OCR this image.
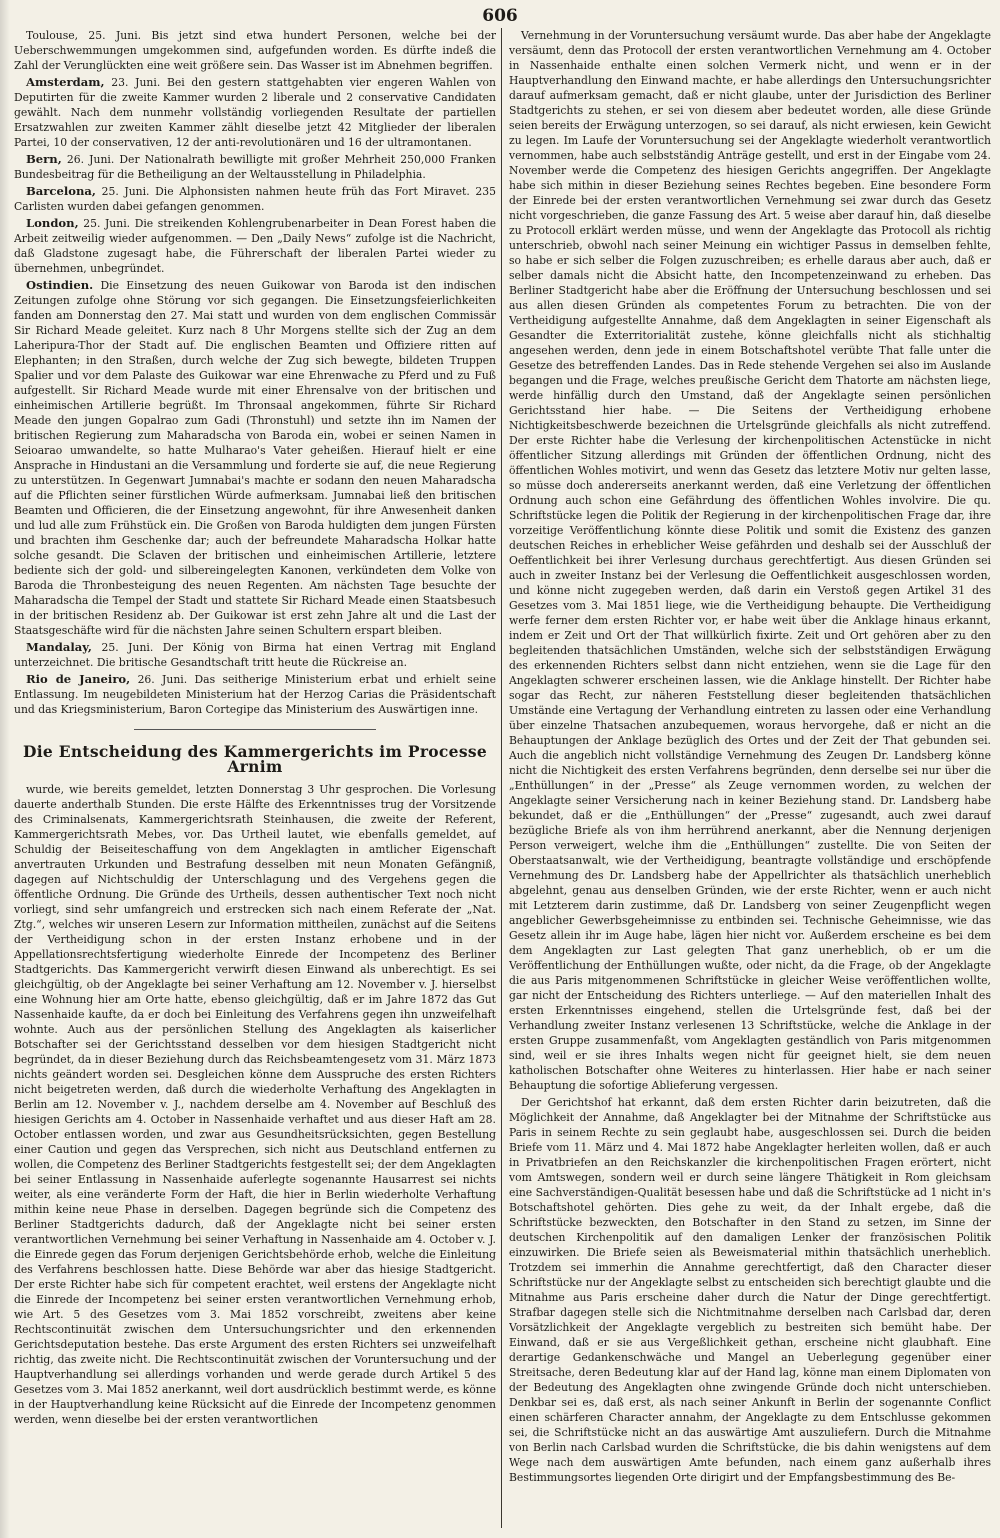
606

Toulouse, 25. Juni. Bis jetzt sind etwa hundert Personen, welche bei der Ueberschwemmungen umgekommen sind, aufgefunden worden. Es dürfte indeß die Zahl der Verunglückten eine weit größere sein. Das Wasser ist im Abnehmen begriffen.

Amsterdam, 23. Juni. Bei den gestern stattgehabten vier engeren Wahlen von Deputirten für die zweite Kammer wurden 2 liberale und 2 conservative Candidaten gewählt. Nach dem nunmehr vollständig vorliegenden Resultate der partiellen Ersatzwahlen zur zweiten Kammer zählt dieselbe jetzt 42 Mitglieder der liberalen Partei, 10 der conservativen, 12 der anti-revolutionären und 16 der ultramontanen.

Bern, 26. Juni. Der Nationalrath bewilligte mit großer Mehrheit 250,000 Franken Bundesbeitrag für die Betheiligung an der Weltausstellung in Philadelphia.

Barcelona, 25. Juni. Die Alphonsisten nahmen heute früh das Fort Miravet. 235 Carlisten wurden dabei gefangen genommen.

London, 25. Juni. Die streikenden Kohlengrubenarbeiter in Dean Forest haben die Arbeit zeitweilig wieder aufgenommen. — Den „Daily News“ zufolge ist die Nachricht, daß Gladstone zugesagt habe, die Führerschaft der liberalen Partei wieder zu übernehmen, unbegründet.

Ostindien. Die Einsetzung des neuen Guikowar von Baroda ist den indischen Zeitungen zufolge ohne Störung vor sich gegangen. Die Einsetzungsfeierlichkeiten fanden am Donnerstag den 27. Mai statt und wurden von dem englischen Commissär Sir Richard Meade geleitet. Kurz nach 8 Uhr Morgens stellte sich der Zug an dem Laheripura-Thor der Stadt auf. Die englischen Beamten und Offiziere ritten auf Elephanten; in den Straßen, durch welche der Zug sich bewegte, bildeten Truppen Spalier und vor dem Palaste des Guikowar war eine Ehrenwache zu Pferd und zu Fuß aufgestellt. Sir Richard Meade wurde mit einer Ehrensalve von der britischen und einheimischen Artillerie begrüßt. Im Thronsaal angekommen, führte Sir Richard Meade den jungen Gopalrao zum Gadi (Thronstuhl) und setzte ihn im Namen der britischen Regierung zum Maharadscha von Baroda ein, wobei er seinen Namen in Seioarao umwandelte, so hatte Mulharao's Vater geheißen. Hierauf hielt er eine Ansprache in Hindustani an die Versammlung und forderte sie auf, die neue Regierung zu unterstützen. In Gegenwart Jumnabai's machte er sodann den neuen Maharadscha auf die Pflichten seiner fürstlichen Würde aufmerksam. Jumnabai ließ den britischen Beamten und Officieren, die der Einsetzung angewohnt, für ihre Anwesenheit danken und lud alle zum Frühstück ein. Die Großen von Baroda huldigten dem jungen Fürsten und brachten ihm Geschenke dar; auch der befreundete Maharadscha Holkar hatte solche gesandt. Die Sclaven der britischen und einheimischen Artillerie, letztere bediente sich der gold- und silbereingelegten Kanonen, verkündeten dem Volke von Baroda die Thronbesteigung des neuen Regenten. Am nächsten Tage besuchte der Maharadscha die Tempel der Stadt und stattete Sir Richard Meade einen Staatsbesuch in der britischen Residenz ab. Der Guikowar ist erst zehn Jahre alt und die Last der Staatsgeschäfte wird für die nächsten Jahre seinen Schultern erspart bleiben.

Mandalay, 25. Juni. Der König von Birma hat einen Vertrag mit England unterzeichnet. Die britische Gesandtschaft tritt heute die Rückreise an.

Rio de Janeiro, 26. Juni. Das seitherige Ministerium erbat und erhielt seine Entlassung. Im neugebildeten Ministerium hat der Herzog Carias die Präsidentschaft und das Kriegsministerium, Baron Cortegipe das Ministerium des Auswärtigen inne.

Die Entscheidung des Kammergerichts im Processe Arnim

wurde, wie bereits gemeldet, letzten Donnerstag 3 Uhr gesprochen. Die Vorlesung dauerte anderthalb Stunden. Die erste Hälfte des Erkenntnisses trug der Vorsitzende des Criminalsenats, Kammergerichtsrath Steinhausen, die zweite der Referent, Kammergerichtsrath Mebes, vor. Das Urtheil lautet, wie ebenfalls gemeldet, auf Schuldig der Beiseiteschaffung von dem Angeklagten in amtlicher Eigenschaft anvertrauten Urkunden und Bestrafung desselben mit neun Monaten Gefängniß, dagegen auf Nichtschuldig der Unterschlagung und des Vergehens gegen die öffentliche Ordnung. Die Gründe des Urtheils, dessen authentischer Text noch nicht vorliegt, sind sehr umfangreich und erstrecken sich nach einem Referate der „Nat. Ztg.“, welches wir unseren Lesern zur Information mittheilen, zunächst auf die Seitens der Vertheidigung schon in der ersten Instanz erhobene und in der Appellationsrechtsfertigung wiederholte Einrede der Incompetenz des Berliner Stadtgerichts. Das Kammergericht verwirft diesen Einwand als unberechtigt. Es sei gleichgültig, ob der Angeklagte bei seiner Verhaftung am 12. November v. J. hierselbst eine Wohnung hier am Orte hatte, ebenso gleichgültig, daß er im Jahre 1872 das Gut Nassenhaide kaufte, da er doch bei Einleitung des Verfahrens gegen ihn unzweifelhaft wohnte. Auch aus der persönlichen Stellung des Angeklagten als kaiserlicher Botschafter sei der Gerichtsstand desselben vor dem hiesigen Stadtgericht nicht begründet, da in dieser Beziehung durch das Reichsbeamtengesetz vom 31. März 1873 nichts geändert worden sei. Desgleichen könne dem Ausspruche des ersten Richters nicht beigetreten werden, daß durch die wiederholte Verhaftung des Angeklagten in Berlin am 12. November v. J., nachdem derselbe am 4. November auf Beschluß des hiesigen Gerichts am 4. October in Nassenhaide verhaftet und aus dieser Haft am 28. October entlassen worden, und zwar aus Gesundheitsrücksichten, gegen Bestellung einer Caution und gegen das Versprechen, sich nicht aus Deutschland entfernen zu wollen, die Competenz des Berliner Stadtgerichts festgestellt sei; der dem Angeklagten bei seiner Entlassung in Nassenhaide auferlegte sogenannte Hausarrest sei nichts weiter, als eine veränderte Form der Haft, die hier in Berlin wiederholte Verhaftung mithin keine neue Phase in derselben. Dagegen begründe sich die Competenz des Berliner Stadtgerichts dadurch, daß der Angeklagte nicht bei seiner ersten verantwortlichen Vernehmung bei seiner Verhaftung in Nassenhaide am 4. October v. J. die Einrede gegen das Forum derjenigen Gerichtsbehörde erhob, welche die Einleitung des Verfahrens beschlossen hatte. Diese Behörde war aber das hiesige Stadtgericht. Der erste Richter habe sich für competent erachtet, weil erstens der Angeklagte nicht die Einrede der Incompetenz bei seiner ersten verantwortlichen Vernehmung erhob, wie Art. 5 des Gesetzes vom 3. Mai 1852 vorschreibt, zweitens aber keine Rechtscontinuität zwischen dem Untersuchungsrichter und den erkennenden Gerichtsdeputation bestehe. Das erste Argument des ersten Richters sei unzweifelhaft richtig, das zweite nicht. Die Rechtscontinuität zwischen der Voruntersuchung und der Hauptverhandlung sei allerdings vorhanden und werde gerade durch Artikel 5 des Gesetzes vom 3. Mai 1852 anerkannt, weil dort ausdrücklich bestimmt werde, es könne in der Hauptverhandlung keine Rücksicht auf die Einrede der Incompetenz genommen werden, wenn dieselbe bei der ersten verantwortlichen

Vernehmung in der Voruntersuchung versäumt wurde. Das aber habe der Angeklagte versäumt, denn das Protocoll der ersten verantwortlichen Vernehmung am 4. October in Nassenhaide enthalte einen solchen Vermerk nicht, und wenn er in der Hauptverhandlung den Einwand machte, er habe allerdings den Untersuchungsrichter darauf aufmerksam gemacht, daß er nicht glaube, unter der Jurisdiction des Berliner Stadtgerichts zu stehen, er sei von diesem aber bedeutet worden, alle diese Gründe seien bereits der Erwägung unterzogen, so sei darauf, als nicht erwiesen, kein Gewicht zu legen. Im Laufe der Voruntersuchung sei der Angeklagte wiederholt verantwortlich vernommen, habe auch selbstständig Anträge gestellt, und erst in der Eingabe vom 24. November werde die Competenz des hiesigen Gerichts angegriffen. Der Angeklagte habe sich mithin in dieser Beziehung seines Rechtes begeben. Eine besondere Form der Einrede bei der ersten verantwortlichen Vernehmung sei zwar durch das Gesetz nicht vorgeschrieben, die ganze Fassung des Art. 5 weise aber darauf hin, daß dieselbe zu Protocoll erklärt werden müsse, und wenn der Angeklagte das Protocoll als richtig unterschrieb, obwohl nach seiner Meinung ein wichtiger Passus in demselben fehlte, so habe er sich selber die Folgen zuzuschreiben; es erhelle daraus aber auch, daß er selber damals nicht die Absicht hatte, den Incompetenzeinwand zu erheben. Das Berliner Stadtgericht habe aber die Eröffnung der Untersuchung beschlossen und sei aus allen diesen Gründen als competentes Forum zu betrachten. Die von der Vertheidigung aufgestellte Annahme, daß dem Angeklagten in seiner Eigenschaft als Gesandter die Exterritorialität zustehe, könne gleichfalls nicht als stichhaltig angesehen werden, denn jede in einem Botschaftshotel verübte That falle unter die Gesetze des betreffenden Landes. Das in Rede stehende Vergehen sei also im Auslande begangen und die Frage, welches preußische Gericht dem Thatorte am nächsten liege, werde hinfällig durch den Umstand, daß der Angeklagte seinen persönlichen Gerichtsstand hier habe. — Die Seitens der Vertheidigung erhobene Nichtigkeitsbeschwerde bezeichnen die Urtelsgründe gleichfalls als nicht zutreffend. Der erste Richter habe die Verlesung der kirchenpolitischen Actenstücke in nicht öffentlicher Sitzung allerdings mit Gründen der öffentlichen Ordnung, nicht des öffentlichen Wohles motivirt, und wenn das Gesetz das letztere Motiv nur gelten lasse, so müsse doch andererseits anerkannt werden, daß eine Verletzung der öffentlichen Ordnung auch schon eine Gefährdung des öffentlichen Wohles involvire. Die qu. Schriftstücke legen die Politik der Regierung in der kirchenpolitischen Frage dar, ihre vorzeitige Veröffentlichung könnte diese Politik und somit die Existenz des ganzen deutschen Reiches in erheblicher Weise gefährden und deshalb sei der Ausschluß der Oeffentlichkeit bei ihrer Verlesung durchaus gerechtfertigt. Aus diesen Gründen sei auch in zweiter Instanz bei der Verlesung die Oeffentlichkeit ausgeschlossen worden, und könne nicht zugegeben werden, daß darin ein Verstoß gegen Artikel 31 des Gesetzes vom 3. Mai 1851 liege, wie die Vertheidigung behaupte. Die Vertheidigung werfe ferner dem ersten Richter vor, er habe weit über die Anklage hinaus erkannt, indem er Zeit und Ort der That willkürlich fixirte. Zeit und Ort gehören aber zu den begleitenden thatsächlichen Umständen, welche sich der selbstständigen Erwägung des erkennenden Richters selbst dann nicht entziehen, wenn sie die Lage für den Angeklagten schwerer erscheinen lassen, wie die Anklage hinstellt. Der Richter habe sogar das Recht, zur näheren Feststellung dieser begleitenden thatsächlichen Umstände eine Vertagung der Verhandlung eintreten zu lassen oder eine Verhandlung über einzelne Thatsachen anzubequemen, woraus hervorgehe, daß er nicht an die Behauptungen der Anklage bezüglich des Ortes und der Zeit der That gebunden sei. Auch die angeblich nicht vollständige Vernehmung des Zeugen Dr. Landsberg könne nicht die Nichtigkeit des ersten Verfahrens begründen, denn derselbe sei nur über die „Enthüllungen“ in der „Presse“ als Zeuge vernommen worden, zu welchen der Angeklagte seiner Versicherung nach in keiner Beziehung stand. Dr. Landsberg habe bekundet, daß er die „Enthüllungen“ der „Presse“ zugesandt, auch zwei darauf bezügliche Briefe als von ihm herrührend anerkannt, aber die Nennung derjenigen Person verweigert, welche ihm die „Enthüllungen“ zustellte. Die von Seiten der Oberstaatsanwalt, wie der Vertheidigung, beantragte vollständige und erschöpfende Vernehmung des Dr. Landsberg habe der Appellrichter als thatsächlich unerheblich abgelehnt, genau aus denselben Gründen, wie der erste Richter, wenn er auch nicht mit Letzterem darin zustimme, daß Dr. Landsberg von seiner Zeugenpflicht wegen angeblicher Gewerbsgeheimnisse zu entbinden sei. Technische Geheimnisse, wie das Gesetz allein ihr im Auge habe, lägen hier nicht vor. Außerdem erscheine es bei dem dem Angeklagten zur Last gelegten That ganz unerheblich, ob er um die Veröffentlichung der Enthüllungen wußte, oder nicht, da die Frage, ob der Angeklagte die aus Paris mitgenommenen Schriftstücke in gleicher Weise veröffentlichen wollte, gar nicht der Entscheidung des Richters unterliege. — Auf den materiellen Inhalt des ersten Erkenntnisses eingehend, stellen die Urtelsgründe fest, daß bei der Verhandlung zweiter Instanz verlesenen 13 Schriftstücke, welche die Anklage in der ersten Gruppe zusammenfaßt, vom Angeklagten geständlich von Paris mitgenommen sind, weil er sie ihres Inhalts wegen nicht für geeignet hielt, sie dem neuen katholischen Botschafter ohne Weiteres zu hinterlassen. Hier habe er nach seiner Behauptung die sofortige Ablieferung vergessen.

Der Gerichtshof hat erkannt, daß dem ersten Richter darin beizutreten, daß die Möglichkeit der Annahme, daß Angeklagter bei der Mitnahme der Schriftstücke aus Paris in seinem Rechte zu sein geglaubt habe, ausgeschlossen sei. Durch die beiden Briefe vom 11. März und 4. Mai 1872 habe Angeklagter herleiten wollen, daß er auch in Privatbriefen an den Reichskanzler die kirchenpolitischen Fragen erörtert, nicht vom Amtswegen, sondern weil er durch seine längere Thätigkeit in Rom gleichsam eine Sachverständigen-Qualität besessen habe und daß die Schriftstücke ad 1 nicht in's Botschaftshotel gehörten. Dies gehe zu weit, da der Inhalt ergebe, daß die Schriftstücke bezweckten, den Botschafter in den Stand zu setzen, im Sinne der deutschen Kirchenpolitik auf den damaligen Lenker der französischen Politik einzuwirken. Die Briefe seien als Beweismaterial mithin thatsächlich unerheblich. Trotzdem sei immerhin die Annahme gerechtfertigt, daß den Character dieser Schriftstücke nur der Angeklagte selbst zu entscheiden sich berechtigt glaubte und die Mitnahme aus Paris erscheine daher durch die Natur der Dinge gerechtfertigt. Strafbar dagegen stelle sich die Nichtmitnahme derselben nach Carlsbad dar, deren Vorsätzlichkeit der Angeklagte vergeblich zu bestreiten sich bemüht habe. Der Einwand, daß er sie aus Vergeßlichkeit gethan, erscheine nicht glaubhaft. Eine derartige Gedankenschwäche und Mangel an Ueberlegung gegenüber einer Streitsache, deren Bedeutung klar auf der Hand lag, könne man einem Diplomaten von der Bedeutung des Angeklagten ohne zwingende Gründe doch nicht unterschieben. Denkbar sei es, daß erst, als nach seiner Ankunft in Berlin der sogenannte Conflict einen schärferen Character annahm, der Angeklagte zu dem Entschlusse gekommen sei, die Schriftstücke nicht an das auswärtige Amt auszuliefern. Durch die Mitnahme von Berlin nach Carlsbad wurden die Schriftstücke, die bis dahin wenigstens auf dem Wege nach dem auswärtigen Amte befunden, nach einem ganz außerhalb ihres Bestimmungsortes liegenden Orte dirigirt und der Empfangsbestimmung des Be-
